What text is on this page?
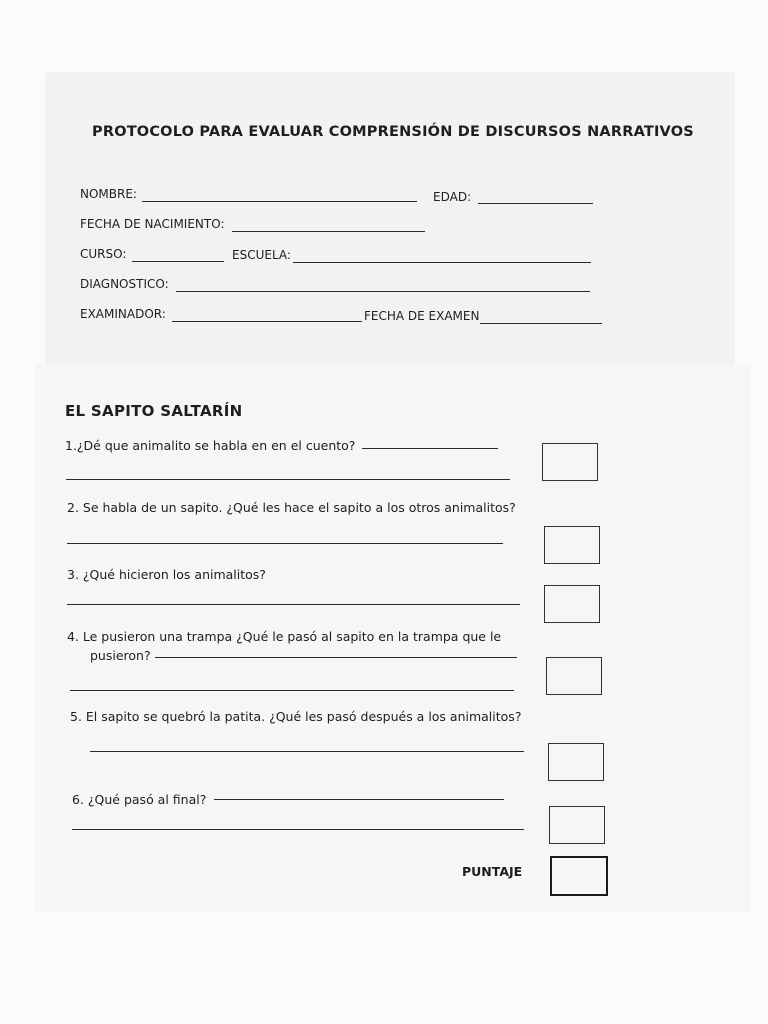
PROTOCOLO PARA EVALUAR COMPRENSIÓN DE DISCURSOS NARRATIVOS
NOMBRE:	EDAD:
FECHA DE NACIMIENTO:
CURSO:	ESCUELA:
DIAGNOSTICO:
EXAMINADOR:	FECHA DE EXAMEN
EL SAPITO SALTARÍN
1.¿Dé que animalito se habla en en el cuento?
2. Se habla de un sapito. ¿Qué les hace el sapito a los otros animalitos?
3. ¿Qué hicieron los animalitos?
4. Le pusieron una trampa ¿Qué le pasó al sapito en la trampa que le
pusieron?
5. El sapito se quebró la patita. ¿Qué les pasó después a los animalitos?
6. ¿Qué pasó al final?
PUNTAJE
